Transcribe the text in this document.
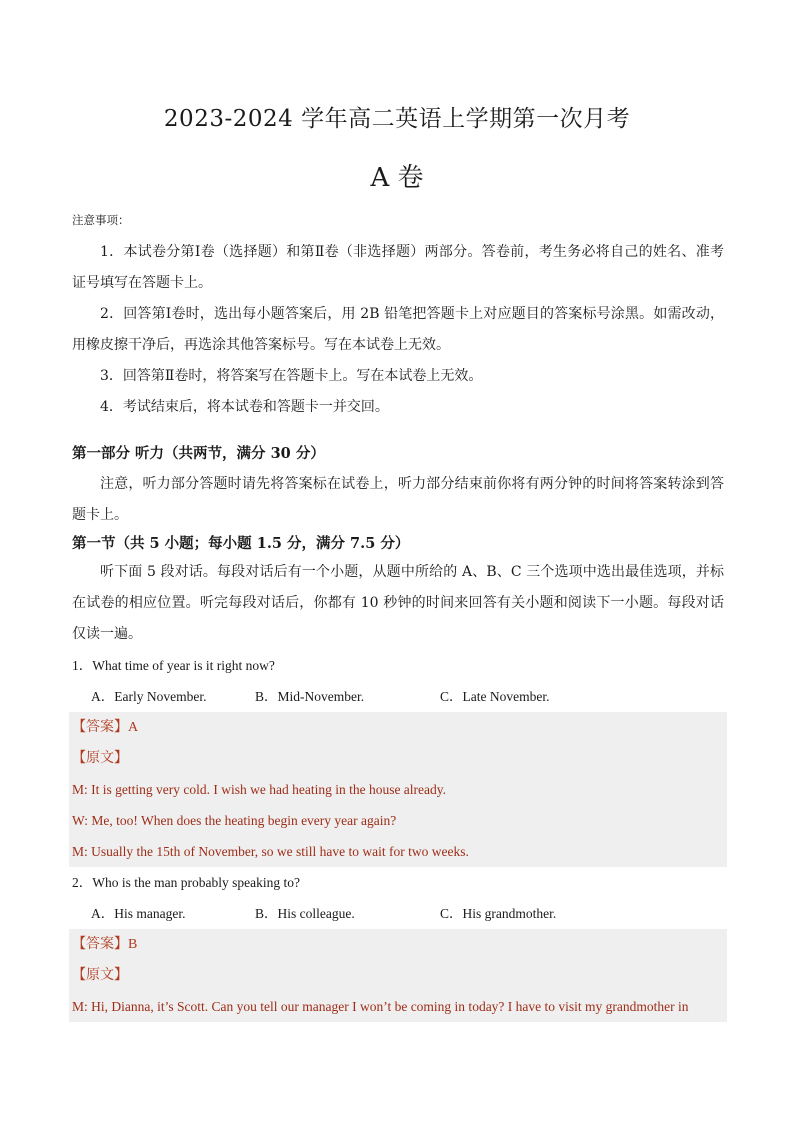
2023-2024 学年高二英语上学期第一次月考
A 卷
注意事项：

1．本试卷分第Ⅰ卷（选择题）和第Ⅱ卷（非选择题）两部分。答卷前，考生务必将自己的姓名、准考证号填写在答题卡上。

2．回答第Ⅰ卷时，选出每小题答案后，用 2B 铅笔把答题卡上对应题目的答案标号涂黑。如需改动，用橡皮擦干净后，再选涂其他答案标号。写在本试卷上无效。

3．回答第Ⅱ卷时，将答案写在答题卡上。写在本试卷上无效。

4．考试结束后，将本试卷和答题卡一并交回。

第一部分 听力（共两节，满分 30 分）

注意，听力部分答题时请先将答案标在试卷上，听力部分结束前你将有两分钟的时间将答案转涂到答题卡上。

第一节（共 5 小题；每小题 1.5 分，满分 7.5 分）

听下面 5 段对话。每段对话后有一个小题，从题中所给的 A、B、C 三个选项中选出最佳选项，并标在试卷的相应位置。听完每段对话后，你都有 10 秒钟的时间来回答有关小题和阅读下一小题。每段对话仅读一遍。

1．What time of year is it right now?

A．Early November.	B．Mid-November.	C．Late November.
【答案】A
【原文】
M: It is getting very cold. I wish we had heating in the house already.
W: Me, too! When does the heating begin every year again?
M: Usually the 15th of November, so we still have to wait for two weeks.

2．Who is the man probably speaking to?

A．His manager.	B．His colleague.	C．His grandmother.
【答案】B
【原文】
M: Hi, Dianna, it’s Scott. Can you tell our manager I won’t be coming in today? I have to visit my grandmother in
